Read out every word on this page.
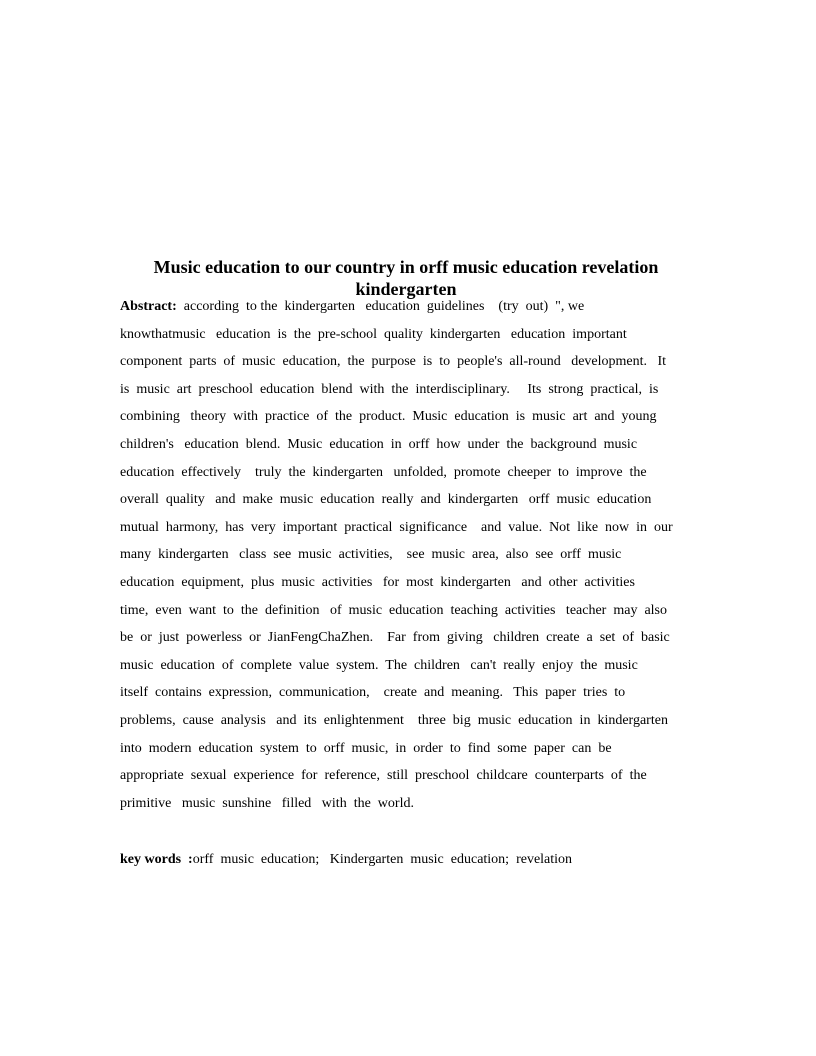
Music education to our country in orff music education revelation
kindergarten
Abstract: according  to the  kindergarten   education  guidelines    (try  out)  ", we
knowthatmusic   education  is  the  pre-school  quality  kindergarten   education  important
component  parts  of  music  education,  the  purpose  is  to  people's  all-round   development.   It
is  music  art  preschool  education  blend  with  the  interdisciplinary.     Its  strong  practical,  is
combining   theory  with  practice  of  the  product.  Music  education  is  music  art  and  young
children's   education  blend.  Music  education  in  orff  how  under  the  background  music
education  effectively    truly  the  kindergarten   unfolded,  promote  cheeper  to  improve  the
overall  quality   and  make  music  education  really  and  kindergarten   orff  music  education
mutual  harmony,  has  very  important  practical  significance    and  value.  Not  like  now  in  our
many  kindergarten   class  see  music  activities,    see  music  area,  also  see  orff  music
education  equipment,  plus  music  activities   for  most  kindergarten   and  other  activities
time,  even  want  to  the  definition   of  music  education  teaching  activities   teacher  may  also
be  or  just  powerless  or  JianFengChaZhen.    Far  from  giving   children  create  a  set  of  basic
music  education  of  complete  value  system.  The  children   can't  really  enjoy  the  music
itself  contains  expression,  communication,    create  and  meaning.   This  paper  tries  to
problems,  cause  analysis   and  its  enlightenment    three  big  music  education  in  kindergarten
into  modern  education  system  to  orff  music,  in  order  to  find  some  paper  can  be
appropriate  sexual  experience  for  reference,  still  preschool  childcare  counterparts  of  the
primitive   music  sunshine   filled   with  the  world.
key words  :orff  music  education;   Kindergarten  music  education;  revelation
